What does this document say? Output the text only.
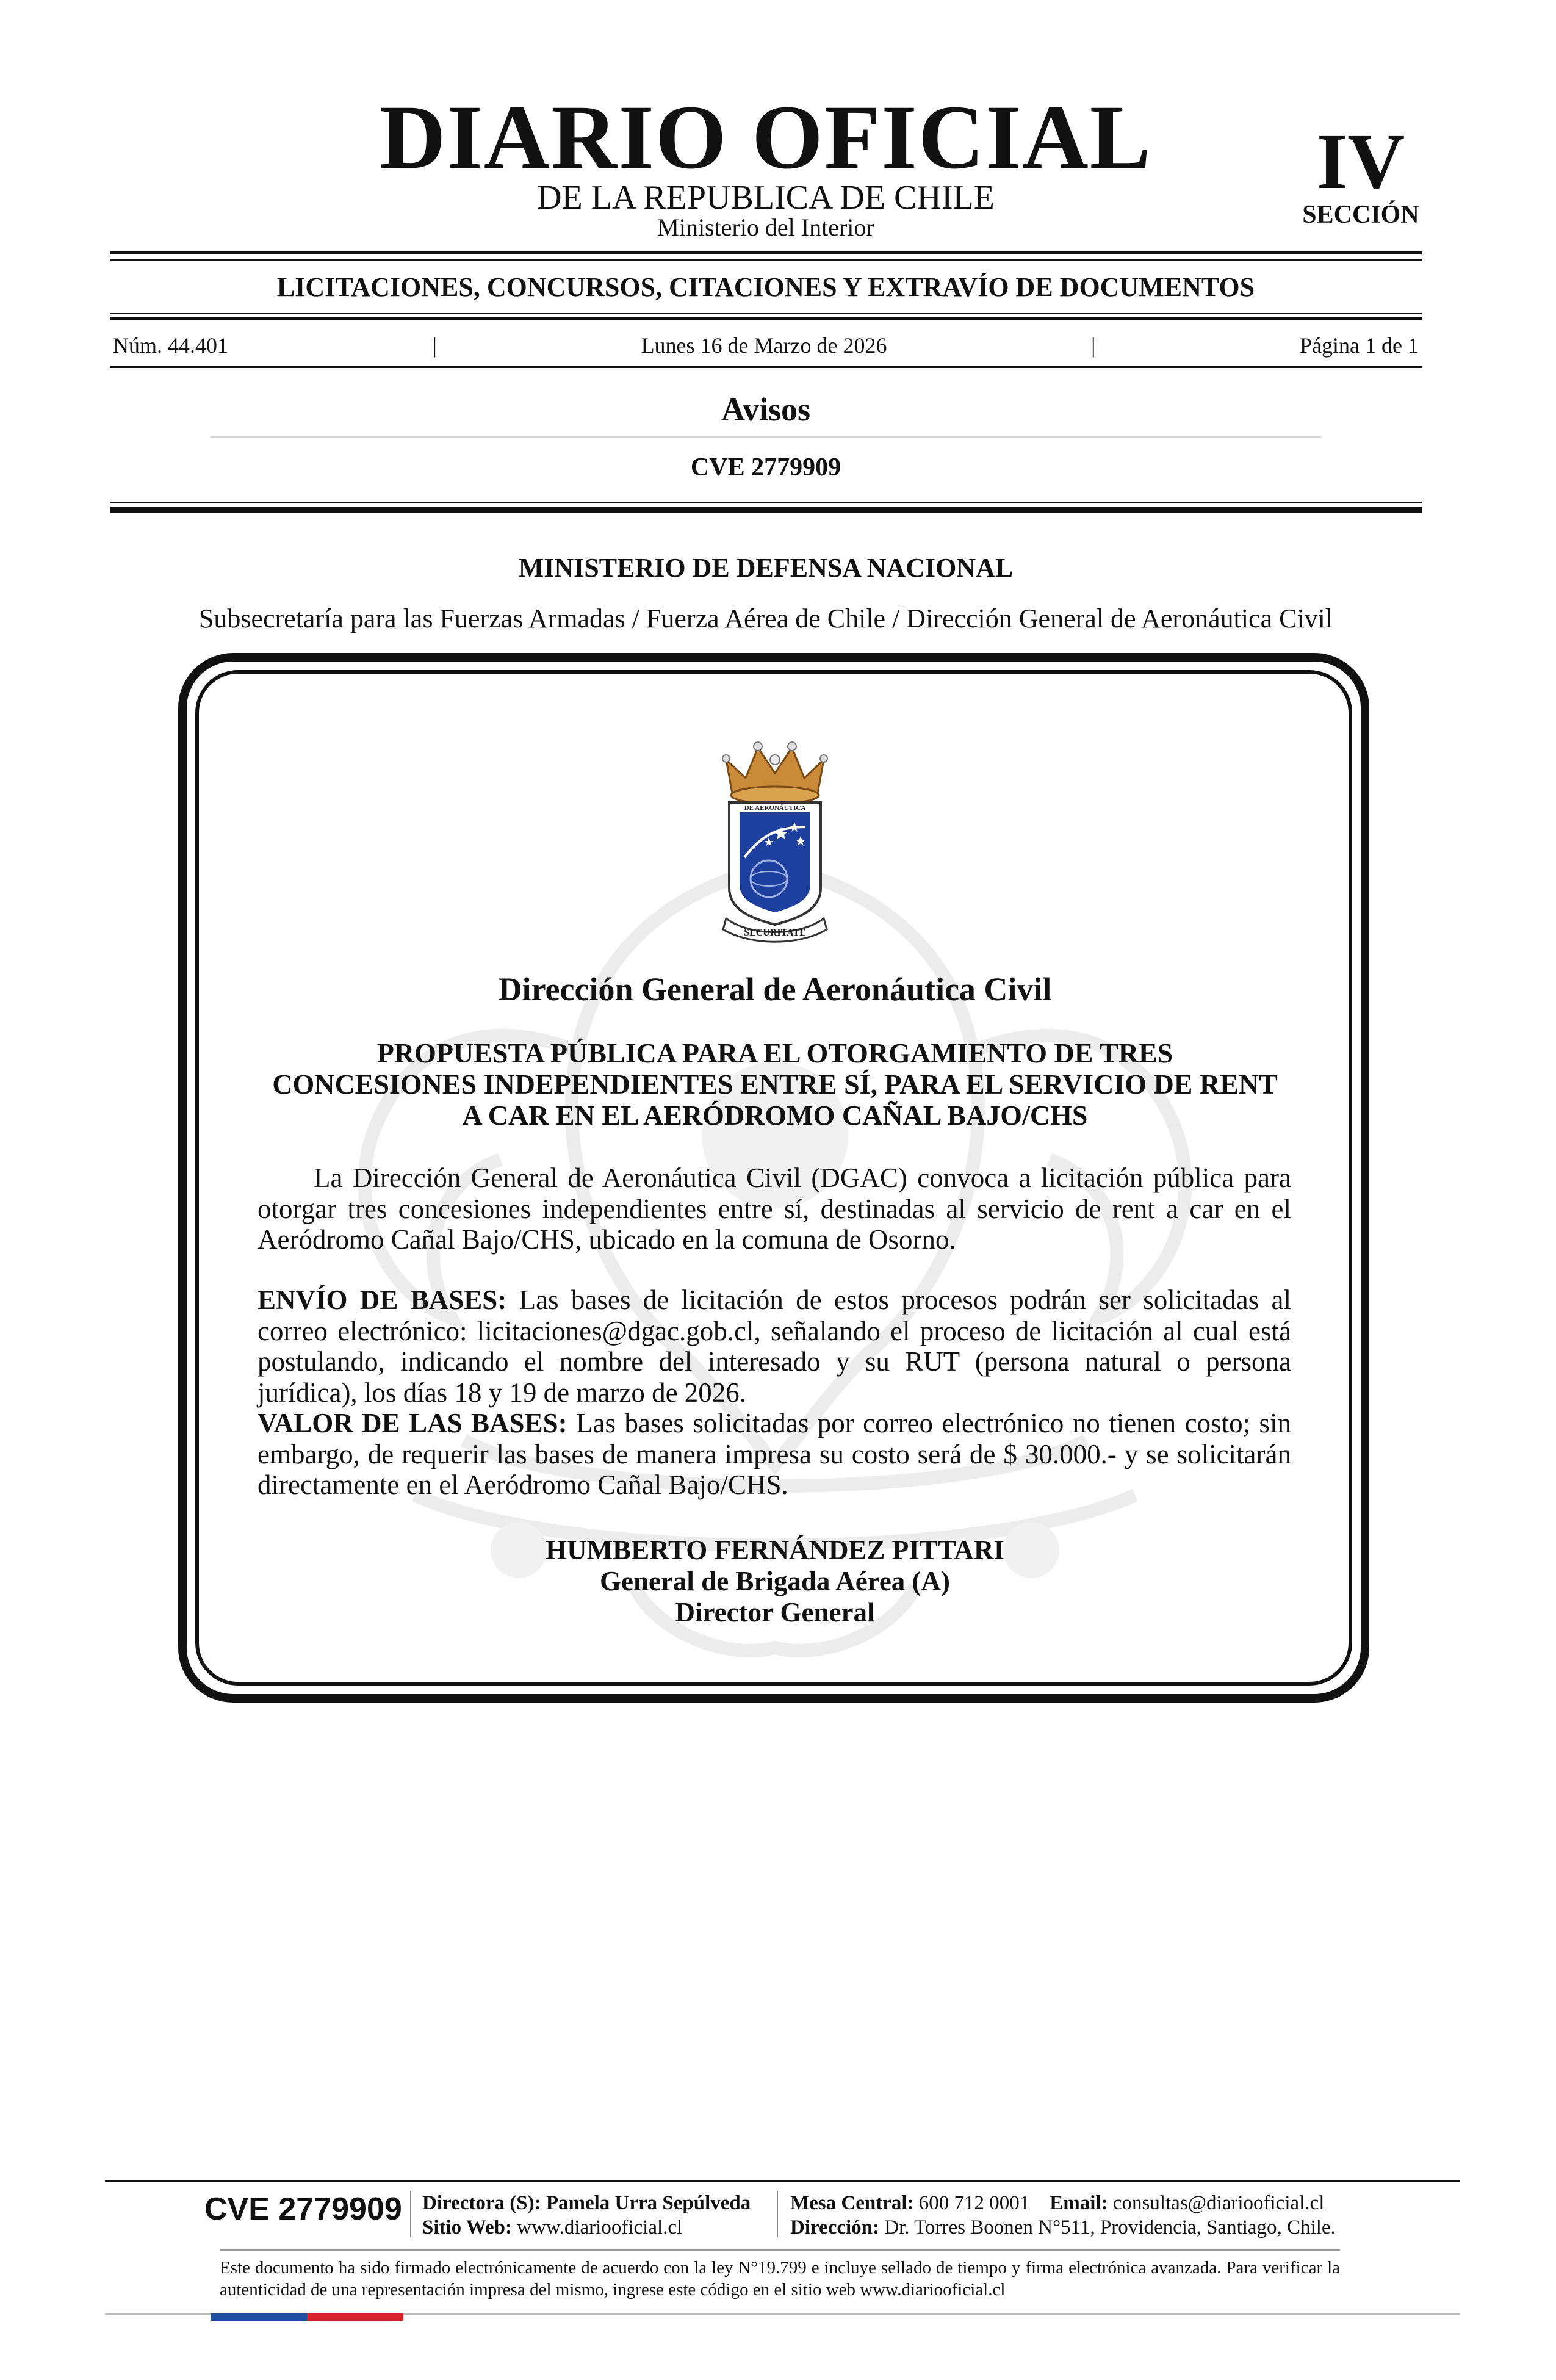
DIARIO OFICIAL
DE LA REPUBLICA DE CHILE
Ministerio del Interior
IV
SECCIÓN
LICITACIONES, CONCURSOS, CITACIONES Y EXTRAVÍO DE DOCUMENTOS
Núm. 44.401	|	Lunes 16 de Marzo de 2026	|	Página 1 de 1
Avisos
CVE 2779909
MINISTERIO DE DEFENSA NACIONAL
Subsecretaría para las Fuerzas Armadas / Fuerza Aérea de Chile / Dirección General de Aeronáutica Civil
SECURITATE
DE AERONÁUTICA
Dirección General de Aeronáutica Civil
PROPUESTA PÚBLICA PARA EL OTORGAMIENTO DE TRES
CONCESIONES INDEPENDIENTES ENTRE SÍ, PARA EL SERVICIO DE RENT
A CAR EN EL AERÓDROMO CAÑAL BAJO/CHS
La Dirección General de Aeronáutica Civil (DGAC) convoca a licitación pública para otorgar tres concesiones independientes entre sí, destinadas al servicio de rent a car en el Aeródromo Cañal Bajo/CHS, ubicado en la comuna de Osorno.
ENVÍO DE BASES: Las bases de licitación de estos procesos podrán ser solicitadas al correo electrónico: licitaciones@dgac.gob.cl, señalando el proceso de licitación al cual está postulando, indicando el nombre del interesado y su RUT (persona natural o persona jurídica), los días 18 y 19 de marzo de 2026.
VALOR DE LAS BASES: Las bases solicitadas por correo electrónico no tienen costo; sin embargo, de requerir las bases de manera impresa su costo será de $ 30.000.- y se solicitarán directamente en el Aeródromo Cañal Bajo/CHS.
HUMBERTO FERNÁNDEZ PITTARI
General de Brigada Aérea (A)
Director General
CVE 2779909 Directora (S): Pamela Urra Sepúlveda
Sitio Web: www.diariooficial.cl
Mesa Central: 600 712 0001 Email: consultas@diariooficial.cl
Dirección: Dr. Torres Boonen N°511, Providencia, Santiago, Chile.
Este documento ha sido firmado electrónicamente de acuerdo con la ley N°19.799 e incluye sellado de tiempo y firma electrónica avanzada. Para verificar la autenticidad de una representación impresa del mismo, ingrese este código en el sitio web www.diariooficial.cl
